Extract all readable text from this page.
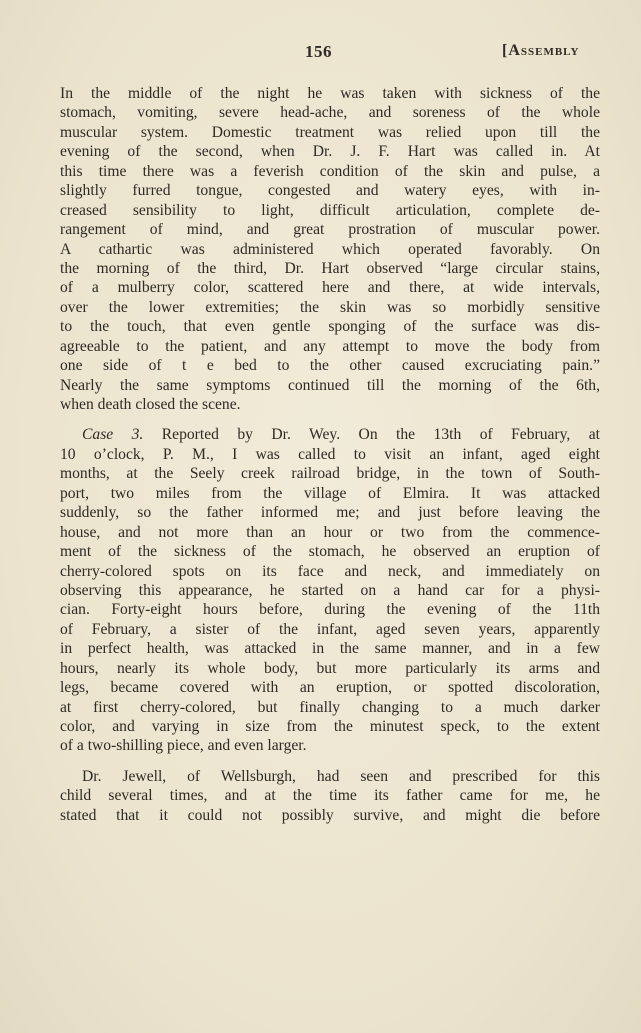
156	[Assembly

In the middle of the night he was taken with sickness of the
stomach, vomiting, severe head-ache, and soreness of the whole
muscular system. Domestic treatment was relied upon till the
evening of the second, when Dr. J. F. Hart was called in. At
this time there was a feverish condition of the skin and pulse, a
slightly furred tongue, congested and watery eyes, with in-
creased sensibility to light, difficult articulation, complete de-
rangement of mind, and great prostration of muscular power.
A cathartic was administered which operated favorably. On
the morning of the third, Dr. Hart observed “large circular stains,
of a mulberry color, scattered here and there, at wide intervals,
over the lower extremities; the skin was so morbidly sensitive
to the touch, that even gentle sponging of the surface was dis-
agreeable to the patient, and any attempt to move the body from
one side of t e bed to the other caused excruciating pain.”
Nearly the same symptoms continued till the morning of the 6th,
when death closed the scene.

Case 3. Reported by Dr. Wey. On the 13th of February, at
10 o’clock, P. M., I was called to visit an infant, aged eight
months, at the Seely creek railroad bridge, in the town of South-
port, two miles from the village of Elmira. It was attacked
suddenly, so the father informed me; and just before leaving the
house, and not more than an hour or two from the commence-
ment of the sickness of the stomach, he observed an eruption of
cherry-colored spots on its face and neck, and immediately on
observing this appearance, he started on a hand car for a physi-
cian. Forty-eight hours before, during the evening of the 11th
of February, a sister of the infant, aged seven years, apparently
in perfect health, was attacked in the same manner, and in a few
hours, nearly its whole body, but more particularly its arms and
legs, became covered with an eruption, or spotted discoloration,
at first cherry-colored, but finally changing to a much darker
color, and varying in size from the minutest speck, to the extent
of a two-shilling piece, and even larger.

Dr. Jewell, of Wellsburgh, had seen and prescribed for this
child several times, and at the time its father came for me, he
stated that it could not possibly survive, and might die before
